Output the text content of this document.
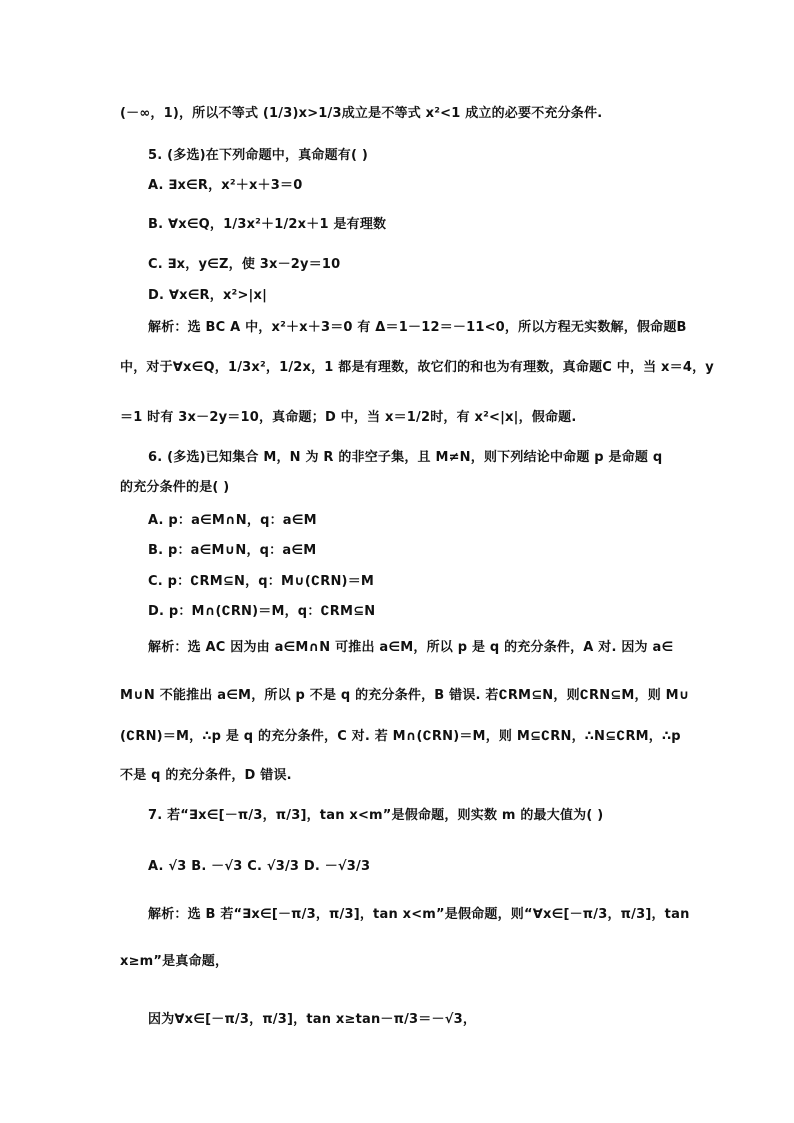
(－∞，1)，所以不等式 (1/3)x>1/3成立是不等式 x²<1 成立的必要不充分条件.
5. (多选)在下列命题中，真命题有( )
A. ∃x∈R，x²＋x＋3＝0
B. ∀x∈Q，1/3x²＋1/2x＋1 是有理数
C. ∃x，y∈Z，使 3x－2y＝10
D. ∀x∈R，x²>|x|
解析：选 BC A 中，x²＋x＋3＝0 有 Δ＝1－12＝－11<0，所以方程无实数解，假命题B
中，对于∀x∈Q，1/3x²，1/2x，1 都是有理数，故它们的和也为有理数，真命题C 中，当 x＝4，y
＝1 时有 3x－2y＝10，真命题；D 中，当 x＝1/2时，有 x²<|x|，假命题.
6. (多选)已知集合 M，N 为 R 的非空子集，且 M≠N，则下列结论中命题 p 是命题 q
的充分条件的是( )
A. p：a∈M∩N，q：a∈M
B. p：a∈M∪N，q：a∈M
C. p：∁RM⊆N，q：M∪(∁RN)＝M
D. p：M∩(∁RN)＝M，q：∁RM⊆N
解析：选 AC 因为由 a∈M∩N 可推出 a∈M，所以 p 是 q 的充分条件，A 对. 因为 a∈
M∪N 不能推出 a∈M，所以 p 不是 q 的充分条件，B 错误. 若∁RM⊆N，则∁RN⊆M，则 M∪
(∁RN)＝M，∴p 是 q 的充分条件，C 对. 若 M∩(∁RN)＝M，则 M⊆∁RN，∴N⊆∁RM，∴p
不是 q 的充分条件，D 错误.
7. 若“∃x∈[－π/3，π/3]，tan x<m”是假命题，则实数 m 的最大值为( )
A. √3 B. －√3 C. √3/3 D. －√3/3
解析：选 B 若“∃x∈[－π/3，π/3]，tan x<m”是假命题，则“∀x∈[－π/3，π/3]，tan
x≥m”是真命题，
因为∀x∈[－π/3，π/3]，tan x≥tan－π/3＝－√3，
